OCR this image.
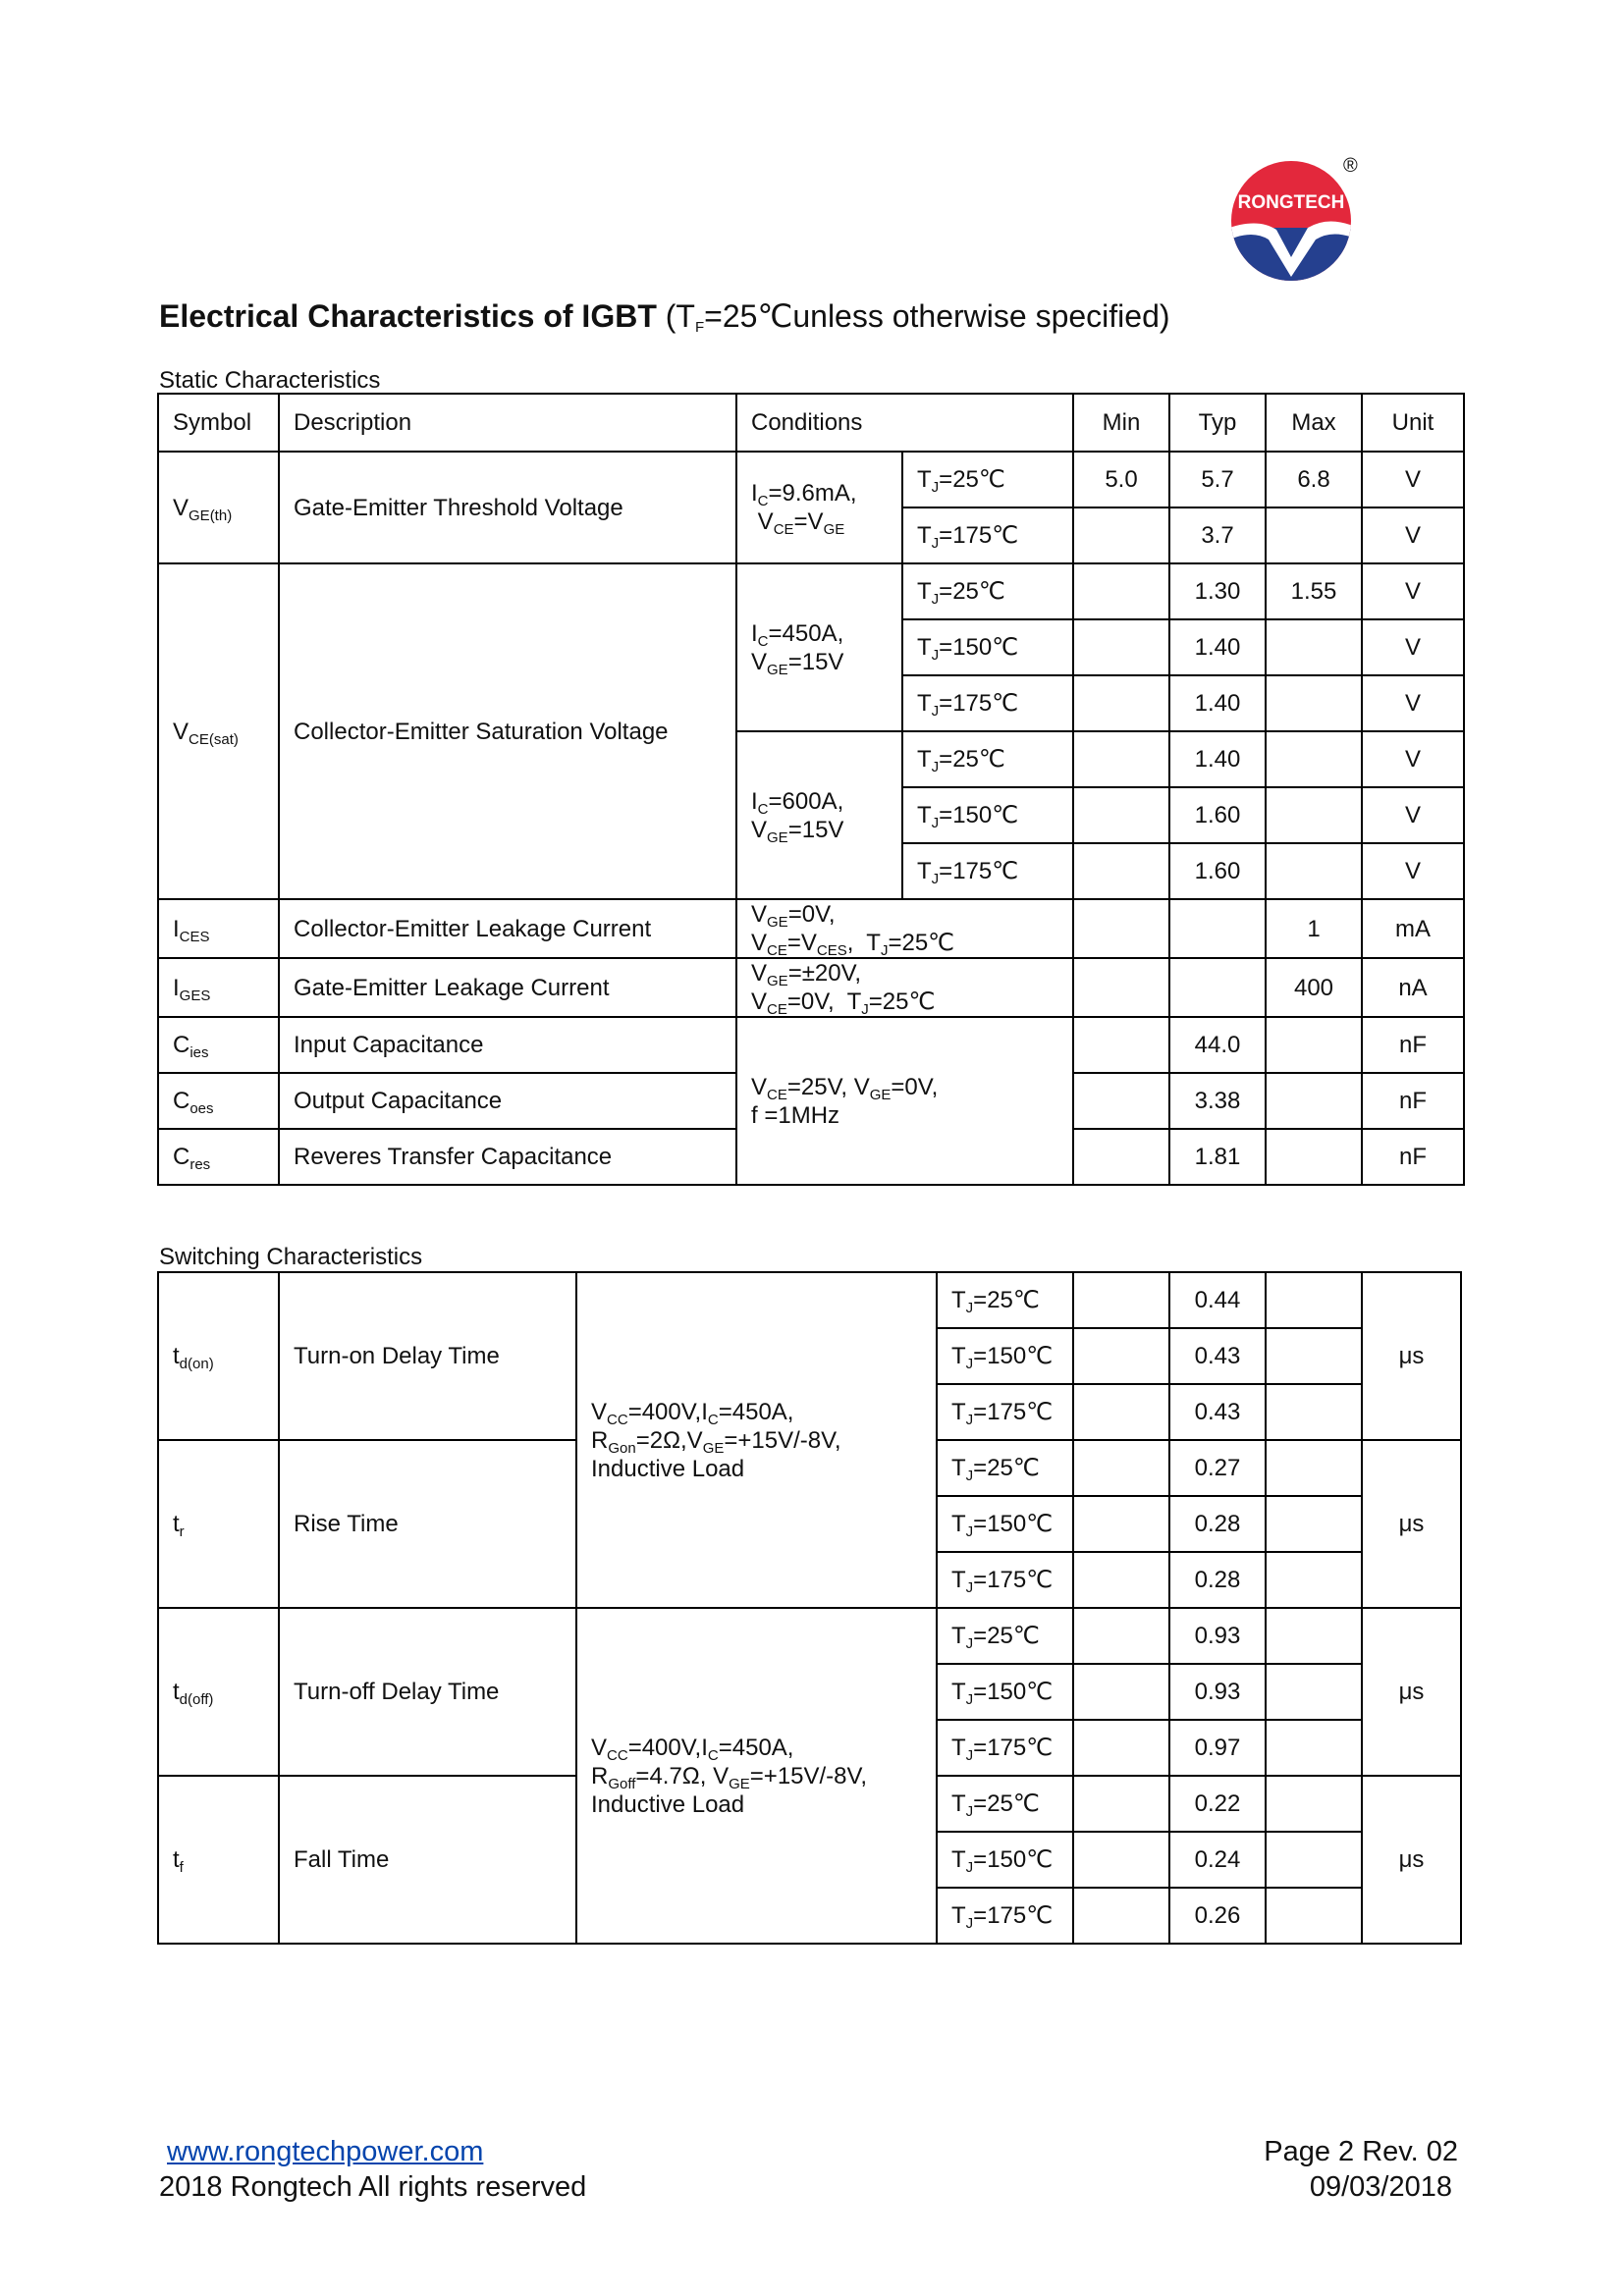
RONGTECH
®
Electrical Characteristics of IGBT ($T_F=25℃unless$ otherwise specified)
Static Characteristics
Symbol	Description	Conditions		Min	Typ	Max	Unit
$V_{GE(th)}$	Gate-Emitter Threshold Voltage	$I_C=9.6mA$,
$V_{CE}=V_{GE}$	$T_J=25℃$	5.0	5.7	6.8	V
			$T_J=175℃$		3.7		V
$V_{CE(sat)}$	Collector-Emitter Saturation Voltage	$I_C=450A$,
$V_{GE}=15V$	$T_J=25℃$		1.30	1.55	V
			$T_J=150℃$		1.40		V
			$T_J=175℃$		1.40		V
		$I_C=600A$,
$V_{GE}=15V$	$T_J=25℃$		1.40		V
			$T_J=150℃$		1.60		V
			$T_J=175℃$		1.60		V
$I_{CES}$	Collector-Emitter Leakage Current	$V_{GE}=0V$,
$V_{CE}=V_{CES}$,  $T_J=25℃$				1	mA
$I_{GES}$	Gate-Emitter Leakage Current	$V_{GE}=\pm 20V$,
$V_{CE}=0V$,  $T_J=25℃$				400	nA
$C_{ies}$	Input Capacitance	$V_{CE}=25V$, $V_{GE}=0V$,
f =1MHz			44.0		nF
$C_{oes}$	Output Capacitance				3.38		nF
$C_{res}$	Reveres Transfer Capacitance				1.81		nF
Switching Characteristics
$t_{d(on)}$	Turn-on Delay Time	$V_{CC}=400V,I_C=450A$,
$R_{Gon}=2\Omega,V_{GE}=+15V/-8V$,
Inductive Load	$T_J=25℃$		0.44		μs
			$T_J=150℃$		0.43		
			$T_J=175℃$		0.43		
$t_r$	Rise Time		$T_J=25℃$		0.27		μs
			$T_J=150℃$		0.28		
			$T_J=175℃$		0.28		
$t_{d(off)}$	Turn-off Delay Time	$V_{CC}=400V,I_C=450A$,
$R_{Goff}=4.7\Omega$, $V_{GE}=+15V/-8V$,
Inductive Load	$T_J=25℃$		0.93		μs
			$T_J=150℃$		0.93		
			$T_J=175℃$		0.97		
$t_f$	Fall Time		$T_J=25℃$		0.22		μs
			$T_J=150℃$		0.24		
			$T_J=175℃$		0.26		
www.rongtechpower.com
2018 Rongtech All rights reserved
Page 2 Rev. 02
09/03/2018
